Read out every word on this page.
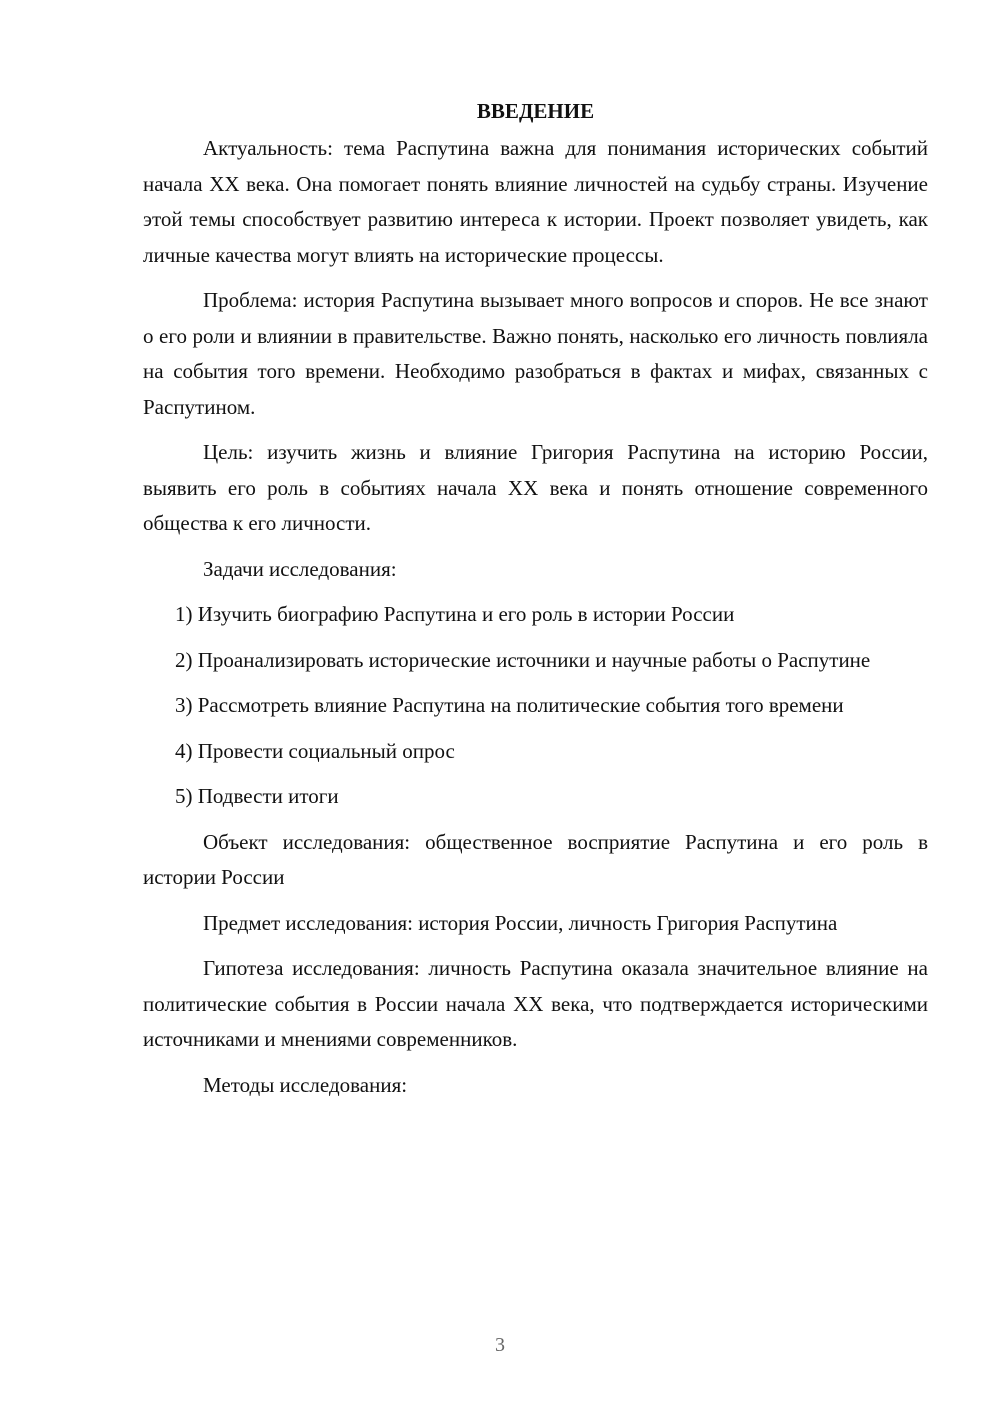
ВВЕДЕНИЕ
Актуальность: тема Распутина важна для понимания исторических событий начала XX века. Она помогает понять влияние личностей на судьбу страны. Изучение этой темы способствует развитию интереса к истории. Проект позволяет увидеть, как личные качества могут влиять на исторические процессы.
Проблема: история Распутина вызывает много вопросов и споров. Не все знают о его роли и влиянии в правительстве. Важно понять, насколько его личность повлияла на события того времени. Необходимо разобраться в фактах и мифах, связанных с Распутином.
Цель: изучить жизнь и влияние Григория Распутина на историю России, выявить его роль в событиях начала XX века и понять отношение современного общества к его личности.
Задачи исследования:
1) Изучить биографию Распутина и его роль в истории России
2) Проанализировать исторические источники и научные работы о Распутине
3) Рассмотреть влияние Распутина на политические события того времени
4) Провести социальный опрос
5) Подвести итоги
Объект исследования: общественное восприятие Распутина и его роль в истории России
Предмет исследования: история России, личность Григория Распутина
Гипотеза исследования: личность Распутина оказала значительное влияние на политические события в России начала XX века, что подтверждается историческими источниками и мнениями современников.
Методы исследования:
3
